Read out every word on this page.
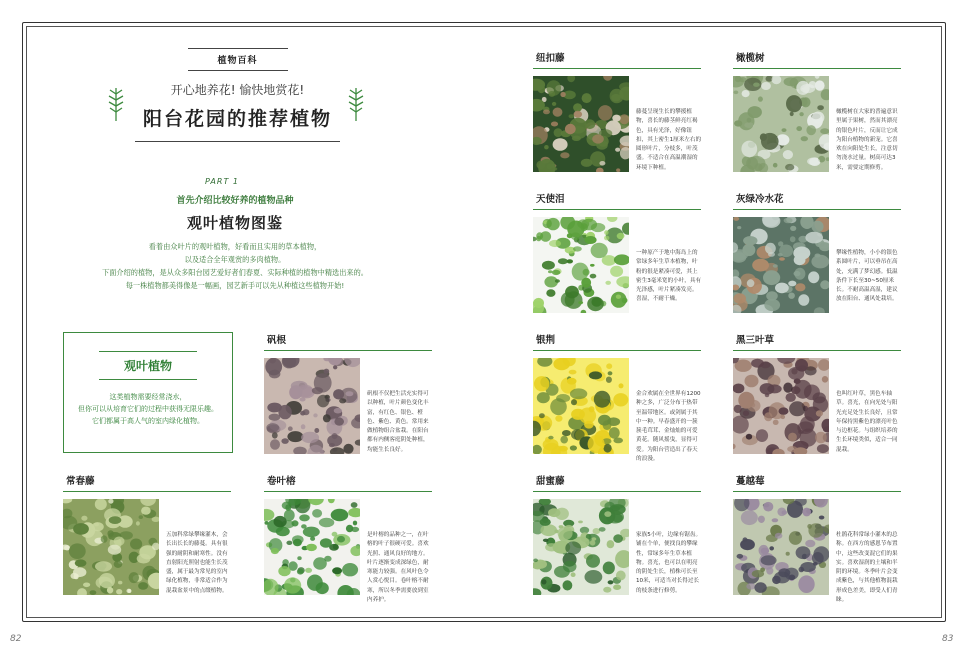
植物百科
开心地养花! 愉快地赏花!
阳台花园的推荐植物
PART 1
首先介绍比较好养的植物品种
观叶植物图鉴
看着由众叶片的观叶植物，好看而且实用的草本植物，
以及适合全年观赏的多肉植物。
下面介绍的植物，是从众多阳台园艺爱好者们春夏、实际种植的植物中精选出来的。
每一株植物都美得像是一幅画，园艺新手可以先从种植这些植物开始!
观叶植物
这类植物需要经常浇水，
但你可以从培育它们的过程中获得无限乐趣。
它们都属于高人气的室内绿化植物。
矾根
矾根不仅把生活充实得可以种植，叶片颜色变化丰富，有红色、银色、橙色、紫色、黄色。常用来做植物组合盆栽。在阳台都有内侧客庭阴处种植，均能生长良好。
常春藤
五加科常绿攀缘灌木，会长出长长的藤蔓。具有很强的耐阴和耐寒性。没有直射阳光照射也能生长茂盛，属于最为常见的室内绿化植物，非常适合作为混栽盆景中的点缀植物。
卷叶榕
是叶榕的品种之一，在叶榕的叶子很硬可爱。喜欢光照、通风良好的地方。叶片逐渐变成深绿色，耐寒能力较强。在风叶色令人赏心悦目。卷叶榕不耐寒，所以冬季需要放到室内养护。
纽扣藤
藤蔓呈现生长的攀援植物，喜长的藤茎鲜亮红褐色，具有光泽，好像钮扣，其上密生1厘米左右的圆形叶片，分枝多，叶茂盛。不适合在高温潮湿的环境下种植。
橄榄树
橄榄树在大家的普遍意识里属于果树，然而其漂亮的银色叶片，反而让它成为阳台植物的新宠。它喜欢在向阳处生长，注意切勿浇水过量。树高可达3米，需要定期修剪。
天使泪
一种原产于地中海岛上的常绿多年生草本植物，叶粉的很是紧凑可爱，其上密生3毫米宽的小叶，具有光泽感，叶片紧凑发亮。喜湿，不耐干燥。
灰绿冷水花
攀缘性植物，小小的银色系圆叶片，可以垂吊在高处，充满了梦幻感。低温条件下长至30~50厘米长。不耐高温高湿，建议放在阳台、通风处栽培。
银荆
金合欢属在全世界有1200种之多，广泛分布于热带至温带地区。或剑属于其中一种。早春盛开的一簇簇毛茸茸、金灿灿的可爱黄花。随风摇曳，显得可爱。为阳台营造出了春天的浪漫。
黑三叶草
也叫红叶草，黑色车轴草。喜光，在向光处与阳光充足处生长良好，且常年保持黑紫色的漂亮叶色与边框花。与组织培养的生长环境类似，适合一同混栽。
甜蜜藤
家族5小叶，边缘有锯齿。铺在个单，便找良的攀缘性，常绿多年生草本植物。喜光，也可以在明亮的阴处生长，植株可长至10米，可适当对长得过长的枝条进行修剪。
蔓越莓
杜鹃花科常绿小灌木的总称。在西方的感恩节布置中，这些改变混它们的果实。喜欢湿润的土壤和半阴的环境。冬季叶片会变成紫色，与其他植物混栽形成色差美，即受人们青睐。
82	83
